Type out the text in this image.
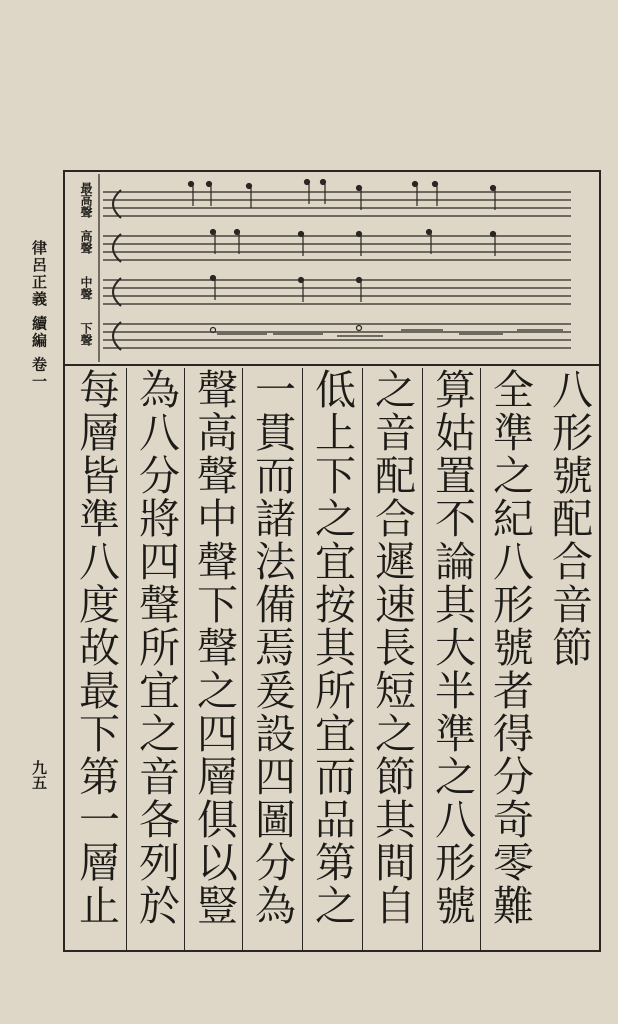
律呂正義 續編 卷一
九五
最高聲
高聲
中聲
下聲
八形號配合音節
全準之紀八形號者得分奇零難
算姑置不論其大半準之八形號
之音配合遲速長短之節其間自
低上下之宜按其所宜而品第之
一貫而諸法備焉爰設四圖分為
聲高聲中聲下聲之四層俱以豎
為八分將四聲所宜之音各列於
每層皆準八度故最下第一層止
